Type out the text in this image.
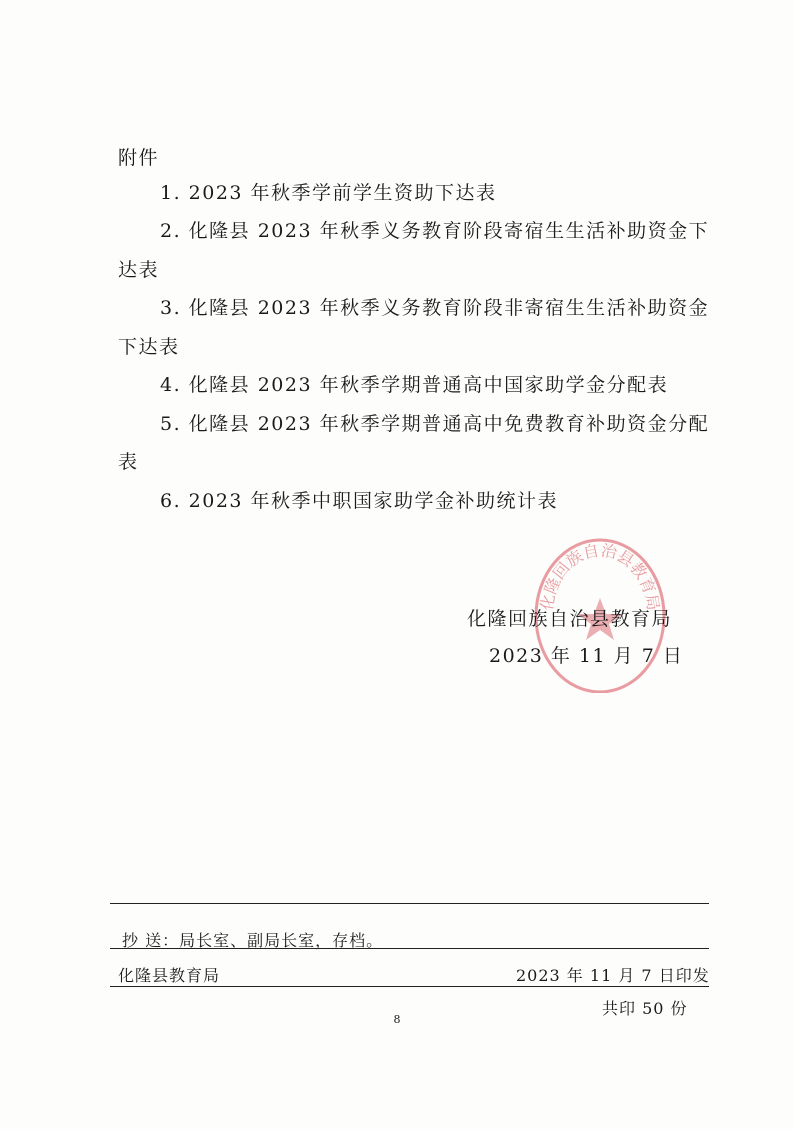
附件
1. 2023 年秋季学前学生资助下达表
2. 化隆县 2023 年秋季义务教育阶段寄宿生生活补助资金下
达表
3. 化隆县 2023 年秋季义务教育阶段非寄宿生生活补助资金
下达表
4. 化隆县 2023 年秋季学期普通高中国家助学金分配表
5. 化隆县 2023 年秋季学期普通高中免费教育补助资金分配
表
6. 2023 年秋季中职国家助学金补助统计表
化隆回族自治县教育局
化隆回族自治县教育局
2023 年 11 月 7 日
抄 送：局长室、副局长室，存档。
化隆县教育局	2023 年 11 月 7 日印发
共印 50 份
8
